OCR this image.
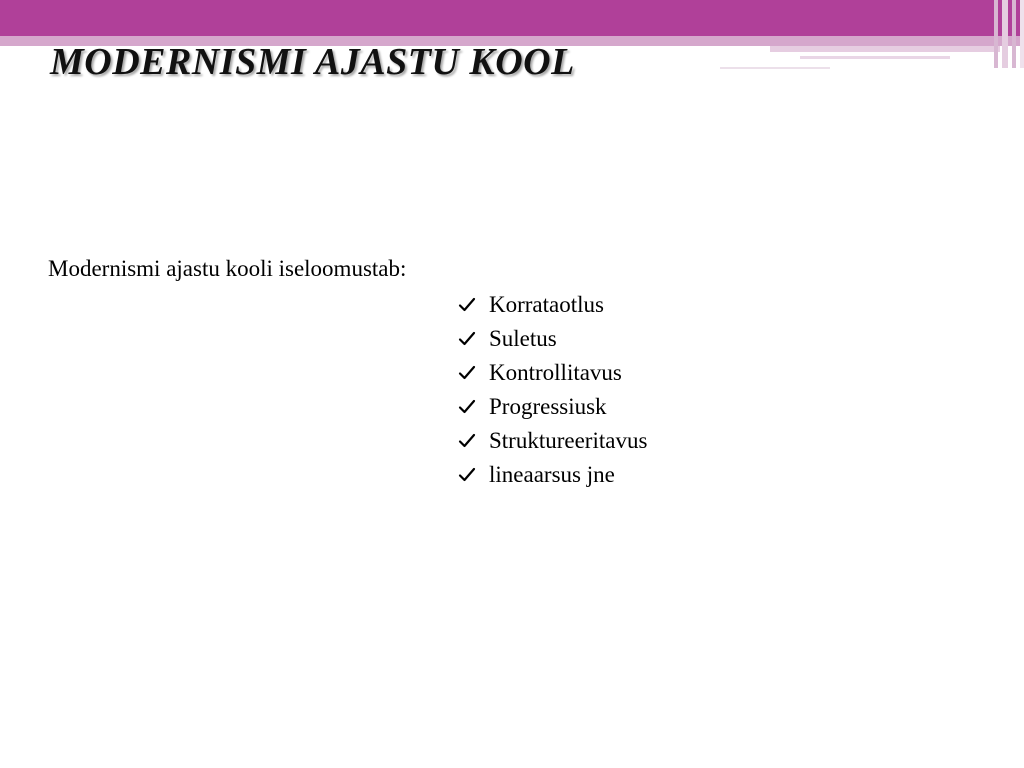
MODERNISMI AJASTU KOOL

Modernismi ajastu kooli iseloomustab:

Korrataotlus
Suletus
Kontrollitavus
Progressiusk
Struktureeritavus
lineaarsus jne
